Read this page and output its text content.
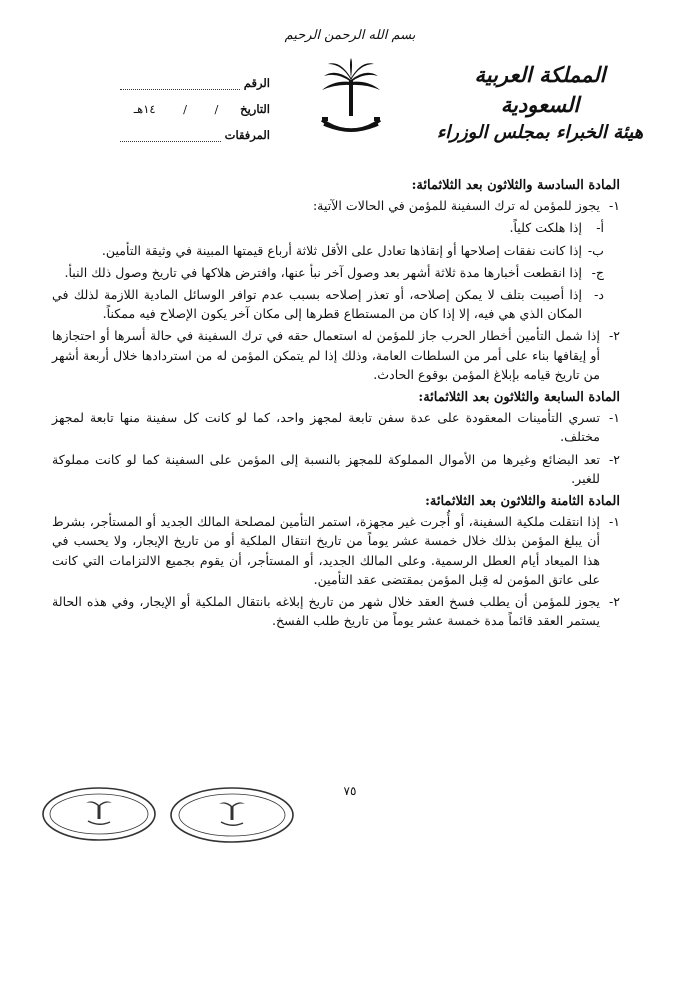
بسم الله الرحمن الرحيم
الرقم
التاريخ
/
/
١٤هـ
المرفقات
المملكة العربية السعودية
هيئة الخبراء بمجلس الوزراء
المادة السادسة والثلاثون بعد الثلاثمائة:
١-
يجوز للمؤمن له ترك السفينة للمؤمن في الحالات الآتية:
أ-
إذا هلكت كلياً.
ب-
إذا كانت نفقات إصلاحها أو إنقاذها تعادل على الأقل ثلاثة أرباع قيمتها المبينة في وثيقة التأمين.
ج-
إذا انقطعت أخبارها مدة ثلاثة أشهر بعد وصول آخر نبأ عنها، وافترض هلاكها في تاريخ وصول ذلك النبأ.
د-
إذا أصيبت بتلف لا يمكن إصلاحه، أو تعذر إصلاحه بسبب عدم توافر الوسائل المادية اللازمة لذلك في المكان الذي هي فيه، إلا إذا كان من المستطاع قطرها إلى مكان آخر يكون الإصلاح فيه ممكناً.
٢-
إذا شمل التأمين أخطار الحرب جاز للمؤمن له استعمال حقه في ترك السفينة في حالة أسرها أو احتجازها أو إيقافها بناء على أمر من السلطات العامة، وذلك إذا لم يتمكن المؤمن له من استردادها خلال أربعة أشهر من تاريخ قيامه بإبلاغ المؤمن بوقوع الحادث.
المادة السابعة والثلاثون بعد الثلاثمائة:
١-
تسري التأمينات المعقودة على عدة سفن تابعة لمجهز واحد، كما لو كانت كل سفينة منها تابعة لمجهز مختلف.
٢-
تعد البضائع وغيرها من الأموال المملوكة للمجهز بالنسبة إلى المؤمن على السفينة كما لو كانت مملوكة للغير.
المادة الثامنة والثلاثون بعد الثلاثمائة:
١-
إذا انتقلت ملكية السفينة، أو أُجرت غير مجهزة، استمر التأمين لمصلحة المالك الجديد أو المستأجر، بشرط أن يبلغ المؤمن بذلك خلال خمسة عشر يوماً من تاريخ انتقال الملكية أو من تاريخ الإيجار، ولا يحسب في هذا الميعاد أيام العطل الرسمية. وعلى المالك الجديد، أو المستأجر، أن يقوم بجميع الالتزامات التي كانت على عاتق المؤمن له قِبل المؤمن بمقتضى عقد التأمين.
٢-
يجوز للمؤمن أن يطلب فسخ العقد خلال شهر من تاريخ إبلاغه بانتقال الملكية أو الإيجار، وفي هذه الحالة يستمر العقد قائماً مدة خمسة عشر يوماً من تاريخ طلب الفسخ.
٧٥
